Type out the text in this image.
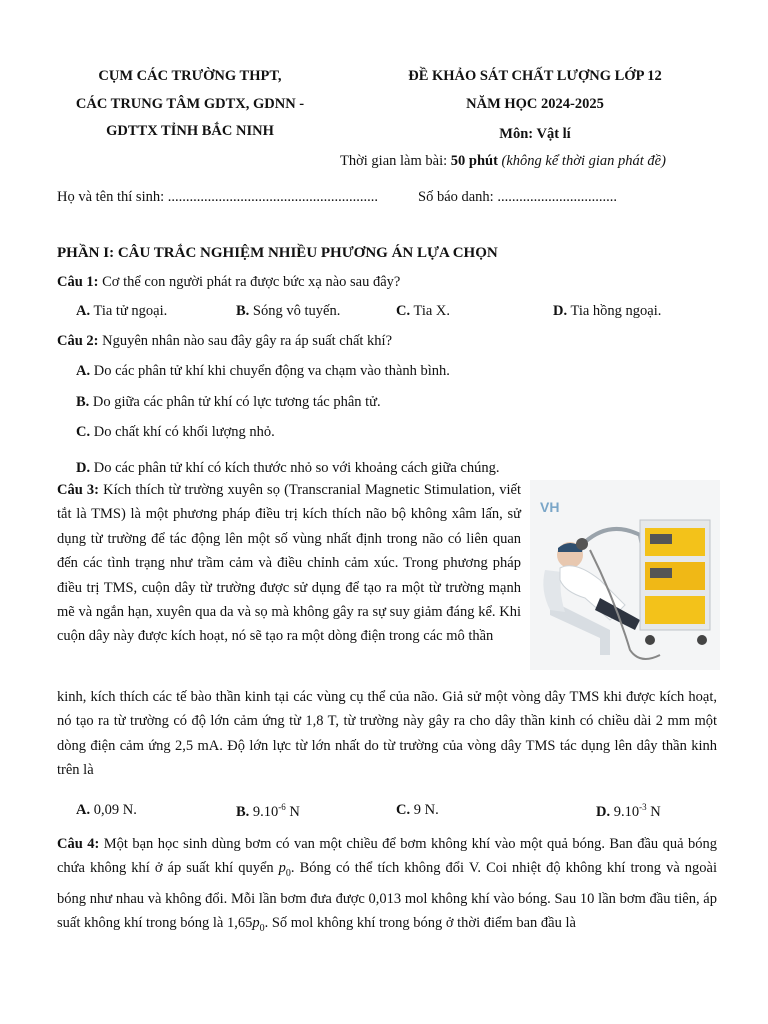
CỤM CÁC TRƯỜNG THPT,
CÁC TRUNG TÂM GDTX, GDNN -
GDTTX TỈNH BẮC NINH
ĐỀ KHẢO SÁT CHẤT LƯỢNG LỚP 12
NĂM HỌC 2024-2025
Môn: Vật lí
Thời gian làm bài: 50 phút (không kể thời gian phát đề)
Họ và tên thí sinh: ..........................................................	Số báo danh: .................................
PHẦN I: CÂU TRẮC NGHIỆM NHIỀU PHƯƠNG ÁN LỰA CHỌN
Câu 1: Cơ thể con người phát ra được bức xạ nào sau đây?
A. Tia tử ngoại.	B. Sóng vô tuyến.	C. Tia X.	D. Tia hồng ngoại.
Câu 2: Nguyên nhân nào sau đây gây ra áp suất chất khí?
A. Do các phân tử khí khi chuyển động va chạm vào thành bình.
B. Do giữa các phân tử khí có lực tương tác phân tử.
C. Do chất khí có khối lượng nhỏ.
D. Do các phân tử khí có kích thước nhỏ so với khoảng cách giữa chúng.
Câu 3: Kích thích từ trường xuyên sọ (Transcranial Magnetic Stimulation, viết tắt là TMS) là một phương pháp điều trị kích thích não bộ không xâm lấn, sử dụng từ trường để tác động lên một số vùng nhất định trong não có liên quan đến các tình trạng như trầm cảm và điều chỉnh cảm xúc. Trong phương pháp điều trị TMS, cuộn dây từ trường được sử dụng để tạo ra một từ trường mạnh mẽ và ngắn hạn, xuyên qua da và sọ mà không gây ra sự suy giảm đáng kể. Khi cuộn dây này được kích hoạt, nó sẽ tạo ra một dòng điện trong các mô thần
VH
kinh, kích thích các tế bào thần kinh tại các vùng cụ thể của não. Giả sử một vòng dây TMS khi được kích hoạt, nó tạo ra từ trường có độ lớn cảm ứng từ 1,8 T, từ trường này gây ra cho dây thần kinh có chiều dài 2 mm một dòng điện cảm ứng 2,5 mA. Độ lớn lực từ lớn nhất do từ trường của vòng dây TMS tác dụng lên dây thần kinh trên là
A. 0,09 N.	B. $9.10^{-6}$ N	C. 9 N.	D. $9.10^{-3}$ N
Câu 4: Một bạn học sinh dùng bơm có van một chiều để bơm không khí vào một quả bóng. Ban đầu quả bóng chứa không khí ở áp suất khí quyển $p_0$. Bóng có thể tích không đổi V. Coi nhiệt độ không khí trong và ngoài bóng như nhau và không đổi. Mỗi lần bơm đưa được 0,013 mol không khí vào bóng. Sau 10 lần bơm đầu tiên, áp suất không khí trong bóng là $1,65p_0$. Số mol không khí trong bóng ở thời điểm ban đầu là
